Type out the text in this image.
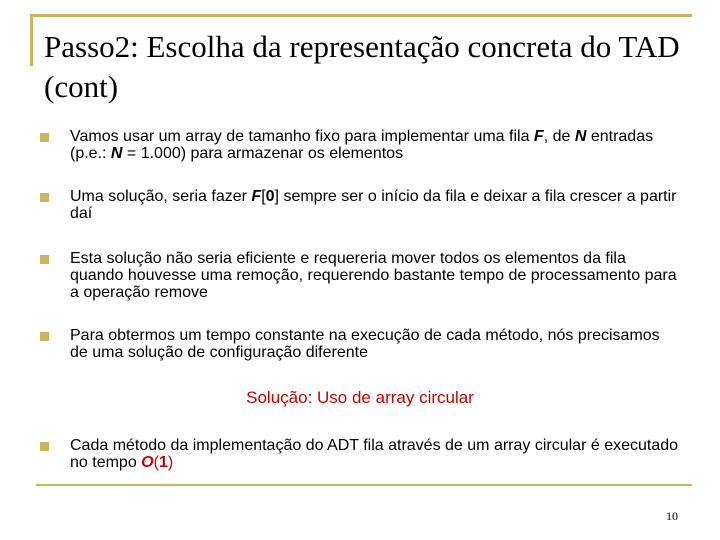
Passo2: Escolha da representação concreta do TAD (cont)
Vamos usar um array de tamanho fixo para implementar uma fila F, de N entradas (p.e.: N = 1.000) para armazenar os elementos
Uma solução, seria fazer F[0] sempre ser o início da fila e deixar a fila crescer a partir daí
Esta solução não seria eficiente e requereria mover todos os elementos da fila quando houvesse uma remoção, requerendo bastante tempo de processamento para a operação remove
Para obtermos um tempo constante na execução de cada método, nós precisamos de uma solução de configuração diferente
Solução: Uso de array circular
Cada método da implementação do ADT fila através de um array circular é executado no tempo O(1)
10
